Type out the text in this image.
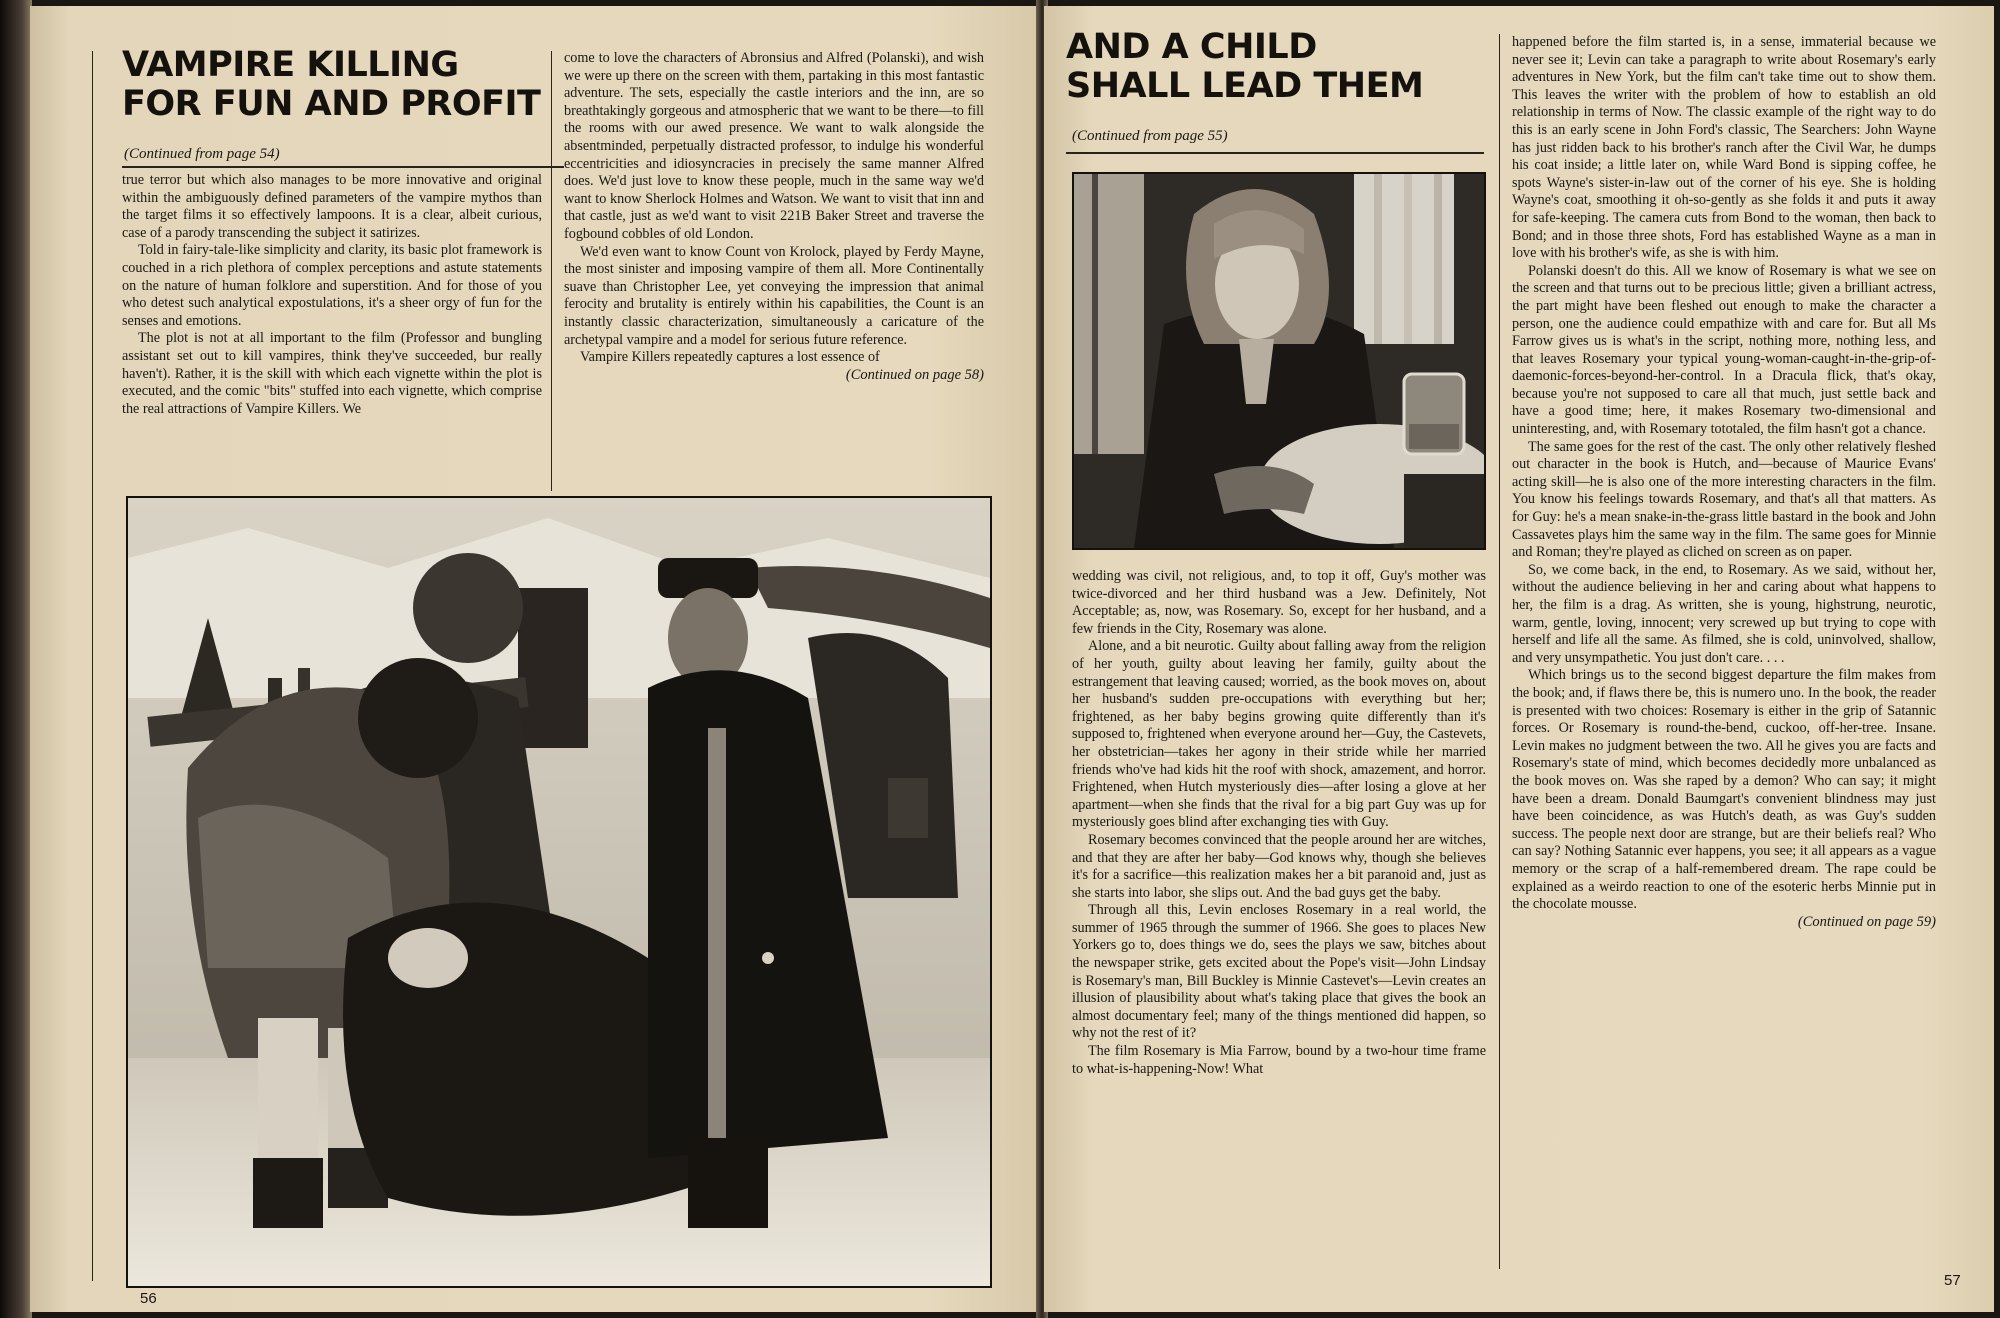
VAMPIRE KILLING
FOR FUN AND PROFIT
(Continued from page 54)

true terror but which also manages to be more innovative and original within the ambiguously defined parameters of the vampire mythos than the target films it so effectively lampoons. It is a clear, albeit curious, case of a parody transcending the subject it satirizes.

Told in fairy-tale-like simplicity and clarity, its basic plot framework is couched in a rich plethora of complex perceptions and astute statements on the nature of human folklore and superstition. And for those of you who detest such analytical expostulations, it's a sheer orgy of fun for the senses and emotions.

The plot is not at all important to the film (Professor and bungling assistant set out to kill vampires, think they've succeeded, bur really haven't). Rather, it is the skill with which each vignette within the plot is executed, and the comic "bits" stuffed into each vignette, which comprise the real attractions of Vampire Killers. We

come to love the characters of Abronsius and Alfred (Polanski), and wish we were up there on the screen with them, partaking in this most fantastic adventure. The sets, especially the castle interiors and the inn, are so breathtakingly gorgeous and atmospheric that we want to be there—to fill the rooms with our awed presence. We want to walk alongside the absentminded, perpetually distracted professor, to indulge his wonderful eccentricities and idiosyncracies in precisely the same manner Alfred does. We'd just love to know these people, much in the same way we'd want to know Sherlock Holmes and Watson. We want to visit that inn and that castle, just as we'd want to visit 221B Baker Street and traverse the fogbound cobbles of old London.

We'd even want to know Count von Krolock, played by Ferdy Mayne, the most sinister and imposing vampire of them all. More Continentally suave than Christopher Lee, yet conveying the impression that animal ferocity and brutality is entirely within his capabilities, the Count is an instantly classic characterization, simultaneously a caricature of the archetypal vampire and a model for serious future reference.

Vampire Killers repeatedly captures a lost essence of

(Continued on page 58)
56
AND A CHILD
SHALL LEAD THEM
(Continued from page 55)

wedding was civil, not religious, and, to top it off, Guy's mother was twice-divorced and her third husband was a Jew. Definitely, Not Acceptable; as, now, was Rosemary. So, except for her husband, and a few friends in the City, Rosemary was alone.

Alone, and a bit neurotic. Guilty about falling away from the religion of her youth, guilty about leaving her family, guilty about the estrangement that leaving caused; worried, as the book moves on, about her husband's sudden pre-occupations with everything but her; frightened, as her baby begins growing quite differently than it's supposed to, frightened when everyone around her—Guy, the Castevets, her obstetrician—takes her agony in their stride while her married friends who've had kids hit the roof with shock, amazement, and horror. Frightened, when Hutch mysteriously dies—after losing a glove at her apartment—when she finds that the rival for a big part Guy was up for mysteriously goes blind after exchanging ties with Guy.

Rosemary becomes convinced that the people around her are witches, and that they are after her baby—God knows why, though she believes it's for a sacrifice—this realization makes her a bit paranoid and, just as she starts into labor, she slips out. And the bad guys get the baby.

Through all this, Levin encloses Rosemary in a real world, the summer of 1965 through the summer of 1966. She goes to places New Yorkers go to, does things we do, sees the plays we saw, bitches about the newspaper strike, gets excited about the Pope's visit—John Lindsay is Rosemary's man, Bill Buckley is Minnie Castevet's—Levin creates an illusion of plausibility about what's taking place that gives the book an almost documentary feel; many of the things mentioned did happen, so why not the rest of it?

The film Rosemary is Mia Farrow, bound by a two-hour time frame to what-is-happening-Now! What

happened before the film started is, in a sense, immaterial because we never see it; Levin can take a paragraph to write about Rosemary's early adventures in New York, but the film can't take time out to show them. This leaves the writer with the problem of how to establish an old relationship in terms of Now. The classic example of the right way to do this is an early scene in John Ford's classic, The Searchers: John Wayne has just ridden back to his brother's ranch after the Civil War, he dumps his coat inside; a little later on, while Ward Bond is sipping coffee, he spots Wayne's sister-in-law out of the corner of his eye. She is holding Wayne's coat, smoothing it oh-so-gently as she folds it and puts it away for safe-keeping. The camera cuts from Bond to the woman, then back to Bond; and in those three shots, Ford has established Wayne as a man in love with his brother's wife, as she is with him.

Polanski doesn't do this. All we know of Rosemary is what we see on the screen and that turns out to be precious little; given a brilliant actress, the part might have been fleshed out enough to make the character a person, one the audience could empathize with and care for. But all Ms Farrow gives us is what's in the script, nothing more, nothing less, and that leaves Rosemary your typical young-woman-caught-in-the-grip-of-daemonic-forces-beyond-her-control. In a Dracula flick, that's okay, because you're not supposed to care all that much, just settle back and have a good time; here, it makes Rosemary two-dimensional and uninteresting, and, with Rosemary tototaled, the film hasn't got a chance.

The same goes for the rest of the cast. The only other relatively fleshed out character in the book is Hutch, and—because of Maurice Evans' acting skill—he is also one of the more interesting characters in the film. You know his feelings towards Rosemary, and that's all that matters. As for Guy: he's a mean snake-in-the-grass little bastard in the book and John Cassavetes plays him the same way in the film. The same goes for Minnie and Roman; they're played as cliched on screen as on paper.

So, we come back, in the end, to Rosemary. As we said, without her, without the audience believing in her and caring about what happens to her, the film is a drag. As written, she is young, highstrung, neurotic, warm, gentle, loving, innocent; very screwed up but trying to cope with herself and life all the same. As filmed, she is cold, uninvolved, shallow, and very unsympathetic. You just don't care. . . .

Which brings us to the second biggest departure the film makes from the book; and, if flaws there be, this is numero uno. In the book, the reader is presented with two choices: Rosemary is either in the grip of Satannic forces. Or Rosemary is round-the-bend, cuckoo, off-her-tree. Insane. Levin makes no judgment between the two. All he gives you are facts and Rosemary's state of mind, which becomes decidedly more unbalanced as the book moves on. Was she raped by a demon? Who can say; it might have been a dream. Donald Baumgart's convenient blindness may just have been coincidence, as was Hutch's death, as was Guy's sudden success. The people next door are strange, but are their beliefs real? Who can say? Nothing Satannic ever happens, you see; it all appears as a vague memory or the scrap of a half-remembered dream. The rape could be explained as a weirdo reaction to one of the esoteric herbs Minnie put in the chocolate mousse.

(Continued on page 59)
57
